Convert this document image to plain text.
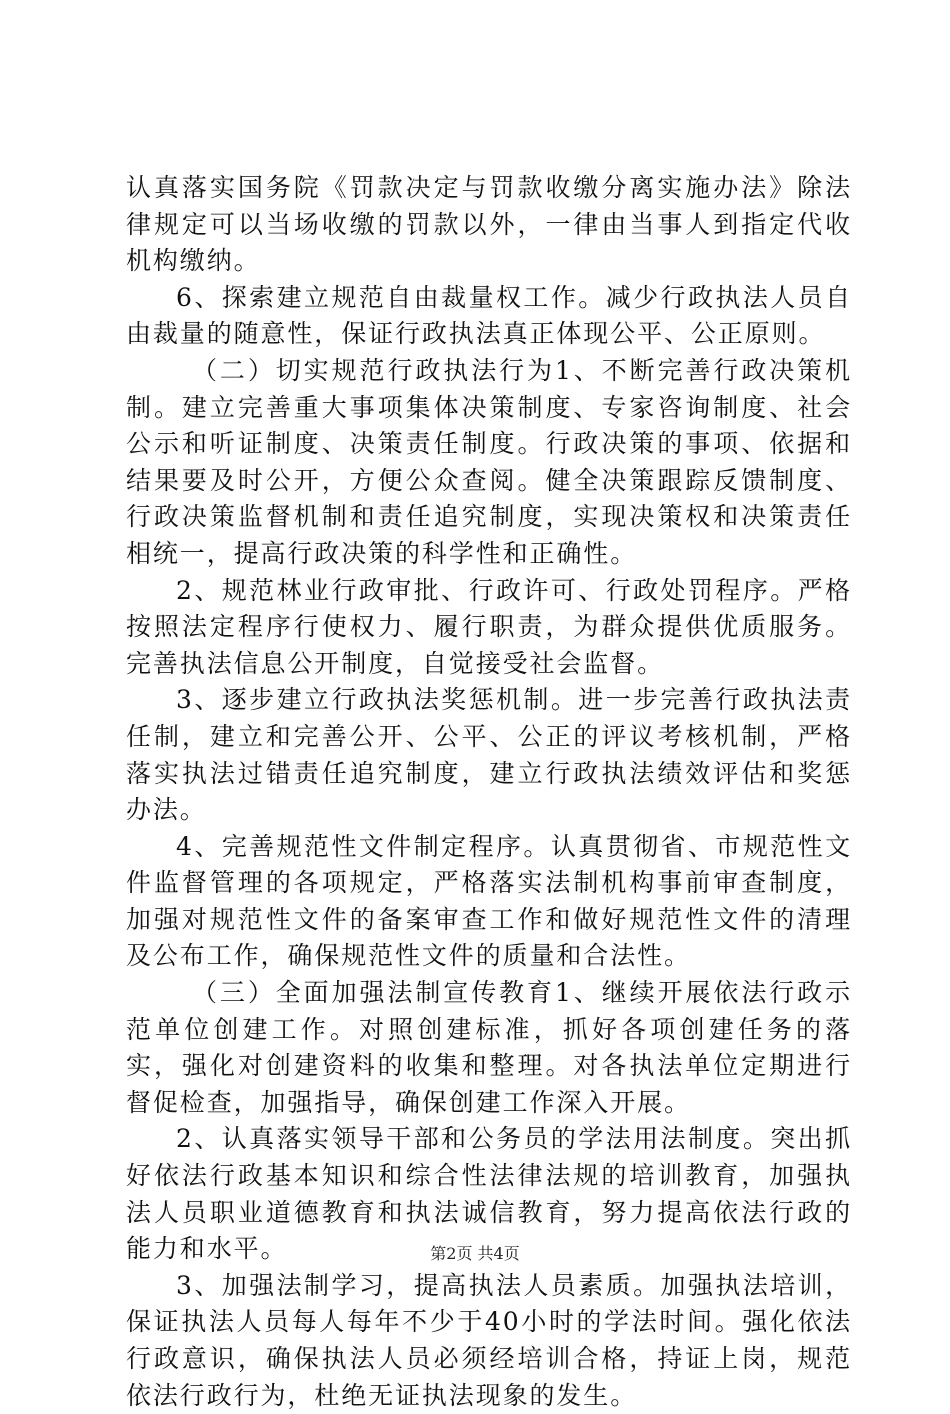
认真落实国务院《罚款决定与罚款收缴分离实施办法》除法律规定可以当场收缴的罚款以外，一律由当事人到指定代收机构缴纳。

6、探索建立规范自由裁量权工作。减少行政执法人员自由裁量的随意性，保证行政执法真正体现公平、公正原则。

（二）切实规范行政执法行为1、不断完善行政决策机制。建立完善重大事项集体决策制度、专家咨询制度、社会公示和听证制度、决策责任制度。行政决策的事项、依据和结果要及时公开，方便公众查阅。健全决策跟踪反馈制度、行政决策监督机制和责任追究制度，实现决策权和决策责任相统一，提高行政决策的科学性和正确性。

2、规范林业行政审批、行政许可、行政处罚程序。严格按照法定程序行使权力、履行职责，为群众提供优质服务。完善执法信息公开制度，自觉接受社会监督。

3、逐步建立行政执法奖惩机制。进一步完善行政执法责任制，建立和完善公开、公平、公正的评议考核机制，严格落实执法过错责任追究制度，建立行政执法绩效评估和奖惩办法。

4、完善规范性文件制定程序。认真贯彻省、市规范性文件监督管理的各项规定，严格落实法制机构事前审查制度，加强对规范性文件的备案审查工作和做好规范性文件的清理及公布工作，确保规范性文件的质量和合法性。

（三）全面加强法制宣传教育1、继续开展依法行政示范单位创建工作。对照创建标准，抓好各项创建任务的落实，强化对创建资料的收集和整理。对各执法单位定期进行督促检查，加强指导，确保创建工作深入开展。

2、认真落实领导干部和公务员的学法用法制度。突出抓好依法行政基本知识和综合性法律法规的培训教育，加强执法人员职业道德教育和执法诚信教育，努力提高依法行政的能力和水平。

3、加强法制学习，提高执法人员素质。加强执法培训，保证执法人员每人每年不少于40小时的学法时间。强化依法行政意识，确保执法人员必须经培训合格，持证上岗，规范依法行政行为，杜绝无证执法现象的发生。

第2页 共4页
